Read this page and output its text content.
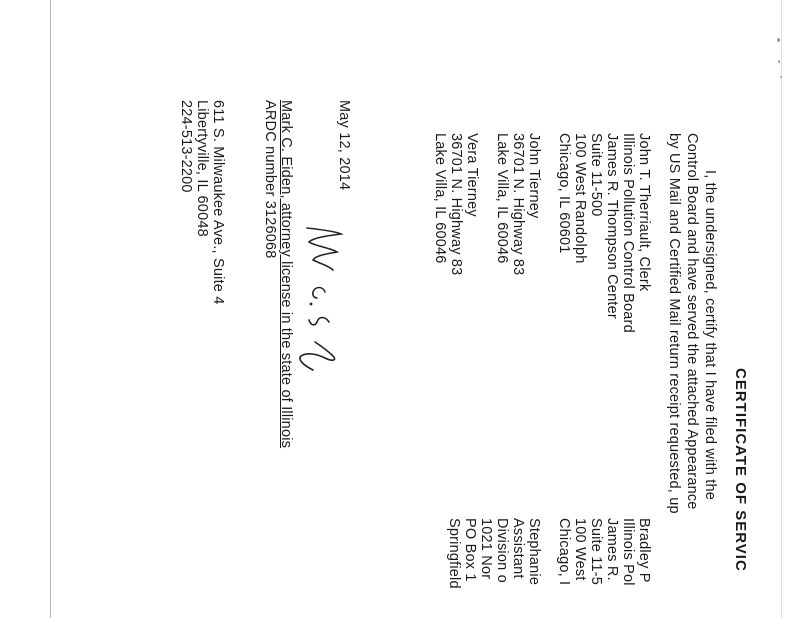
CERTIFICATE OF SERVIC
I, the undersigned, certify that I have filed with the
Control Board and have served the attached Appearance
by US Mail and Certified Mail return receipt requested, up
John T. Therriault, Clerk
Illinois Pollution Control Board
James R. Thompson Center
Suite 11-500
100 West Randolph
Chicago, IL 60601
John Tierney
36701 N. Highway 83
Lake Villa, IL 60046
Vera Tierney
36701 N. Highway 83
Lake Villa, IL 60046
Bradley P
Illinois Pol
James R.
Suite 11-5
100 West
Chicago, I
Stephanie
Assistant
Division o
1021 Nor
PO Box 1
Springfield
May 12, 2014
Mark C. Eiden, attorney license in the state of Illinois
ARDC number 3126068
611 S. Milwaukee Ave., Suite 4
Libertyville, IL 60048
224-513-2200
